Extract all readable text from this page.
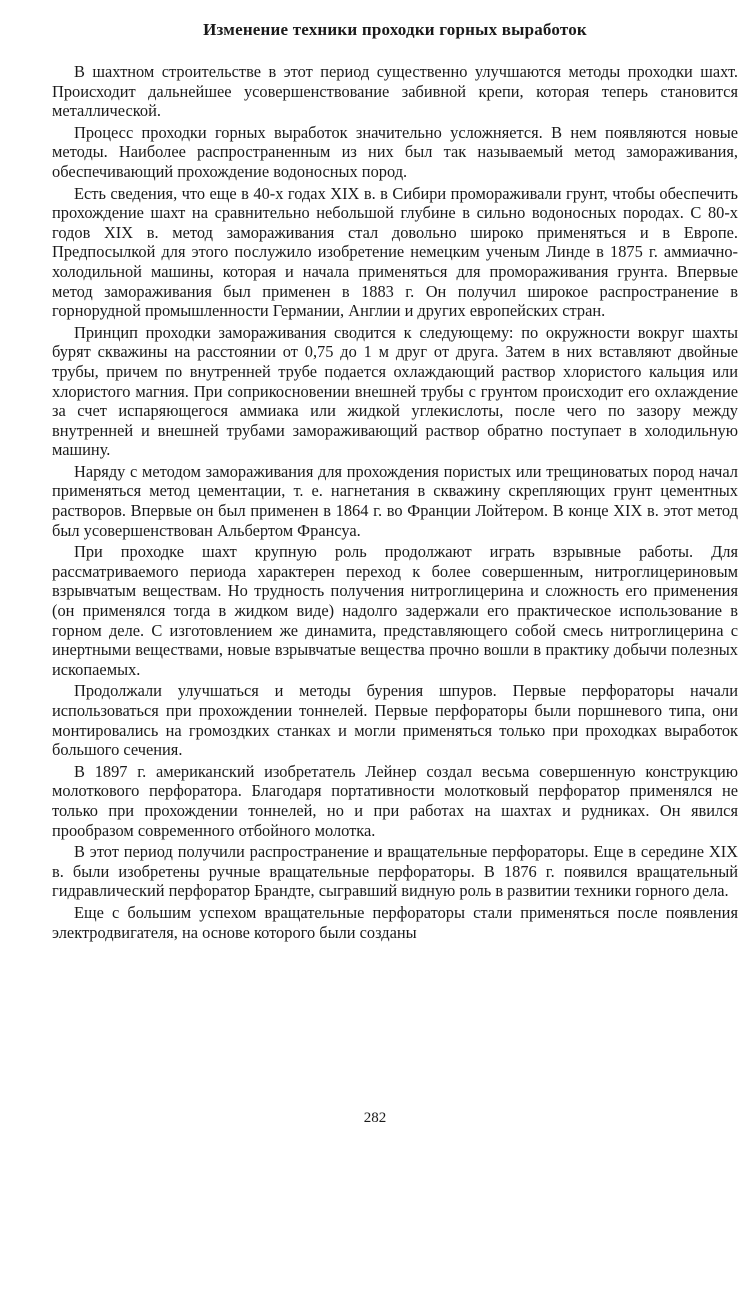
Изменение техники проходки горных выработок

В шахтном строительстве в этот период существенно улучшаются методы проходки шахт. Происходит дальнейшее усовершенствование забивной крепи, которая теперь становится металлической.

Процесс проходки горных выработок значительно усложняется. В нем появляются новые методы. Наиболее распространенным из них был так называемый метод замораживания, обеспечивающий прохождение водоносных пород.

Есть сведения, что еще в 40-х годах XIX в. в Сибири промораживали грунт, чтобы обеспечить прохождение шахт на сравнительно небольшой глубине в сильно водоносных породах. С 80-х годов XIX в. метод замораживания стал довольно широко применяться и в Европе. Предпосылкой для этого послужило изобретение немецким ученым Линде в 1875 г. аммиачно-холодильной машины, которая и начала применяться для промораживания грунта. Впервые метод замораживания был применен в 1883 г. Он получил широкое распространение в горнорудной промышленности Германии, Англии и других европейских стран.

Принцип проходки замораживания сводится к следующему: по окружности вокруг шахты бурят скважины на расстоянии от 0,75 до 1 м друг от друга. Затем в них вставляют двойные трубы, причем по внутренней трубе подается охлаждающий раствор хлористого кальция или хлористого магния. При соприкосновении внешней трубы с грунтом происходит его охлаждение за счет испаряющегося аммиака или жидкой углекислоты, после чего по зазору между внутренней и внешней трубами замораживающий раствор обратно поступает в холодильную машину.

Наряду с методом замораживания для прохождения пористых или трещиноватых пород начал применяться метод цементации, т. е. нагнетания в скважину скрепляющих грунт цементных растворов. Впервые он был применен в 1864 г. во Франции Лойтером. В конце XIX в. этот метод был усовершенствован Альбертом Франсуа.

При проходке шахт крупную роль продолжают играть взрывные работы. Для рассматриваемого периода характерен переход к более совершенным, нитроглицериновым взрывчатым веществам. Но трудность получения нитроглицерина и сложность его применения (он применялся тогда в жидком виде) надолго задержали его практическое использование в горном деле. С изготовлением же динамита, представляющего собой смесь нитроглицерина с инертными веществами, новые взрывчатые вещества прочно вошли в практику добычи полезных ископаемых.

Продолжали улучшаться и методы бурения шпуров. Первые перфораторы начали использоваться при прохождении тоннелей. Первые перфораторы были поршневого типа, они монтировались на громоздких станках и могли применяться только при проходках выработок большого сечения.

В 1897 г. американский изобретатель Лейнер создал весьма совершенную конструкцию молоткового перфоратора. Благодаря портативности молотковый перфоратор применялся не только при прохождении тоннелей, но и при работах на шахтах и рудниках. Он явился прообразом современного отбойного молотка.

В этот период получили распространение и вращательные перфораторы. Еще в середине XIX в. были изобретены ручные вращательные перфораторы. В 1876 г. появился вращательный гидравлический перфоратор Брандте, сыгравший видную роль в развитии техники горного дела.

Еще с большим успехом вращательные перфораторы стали применяться после появления электродвигателя, на основе которого были созданы

282
